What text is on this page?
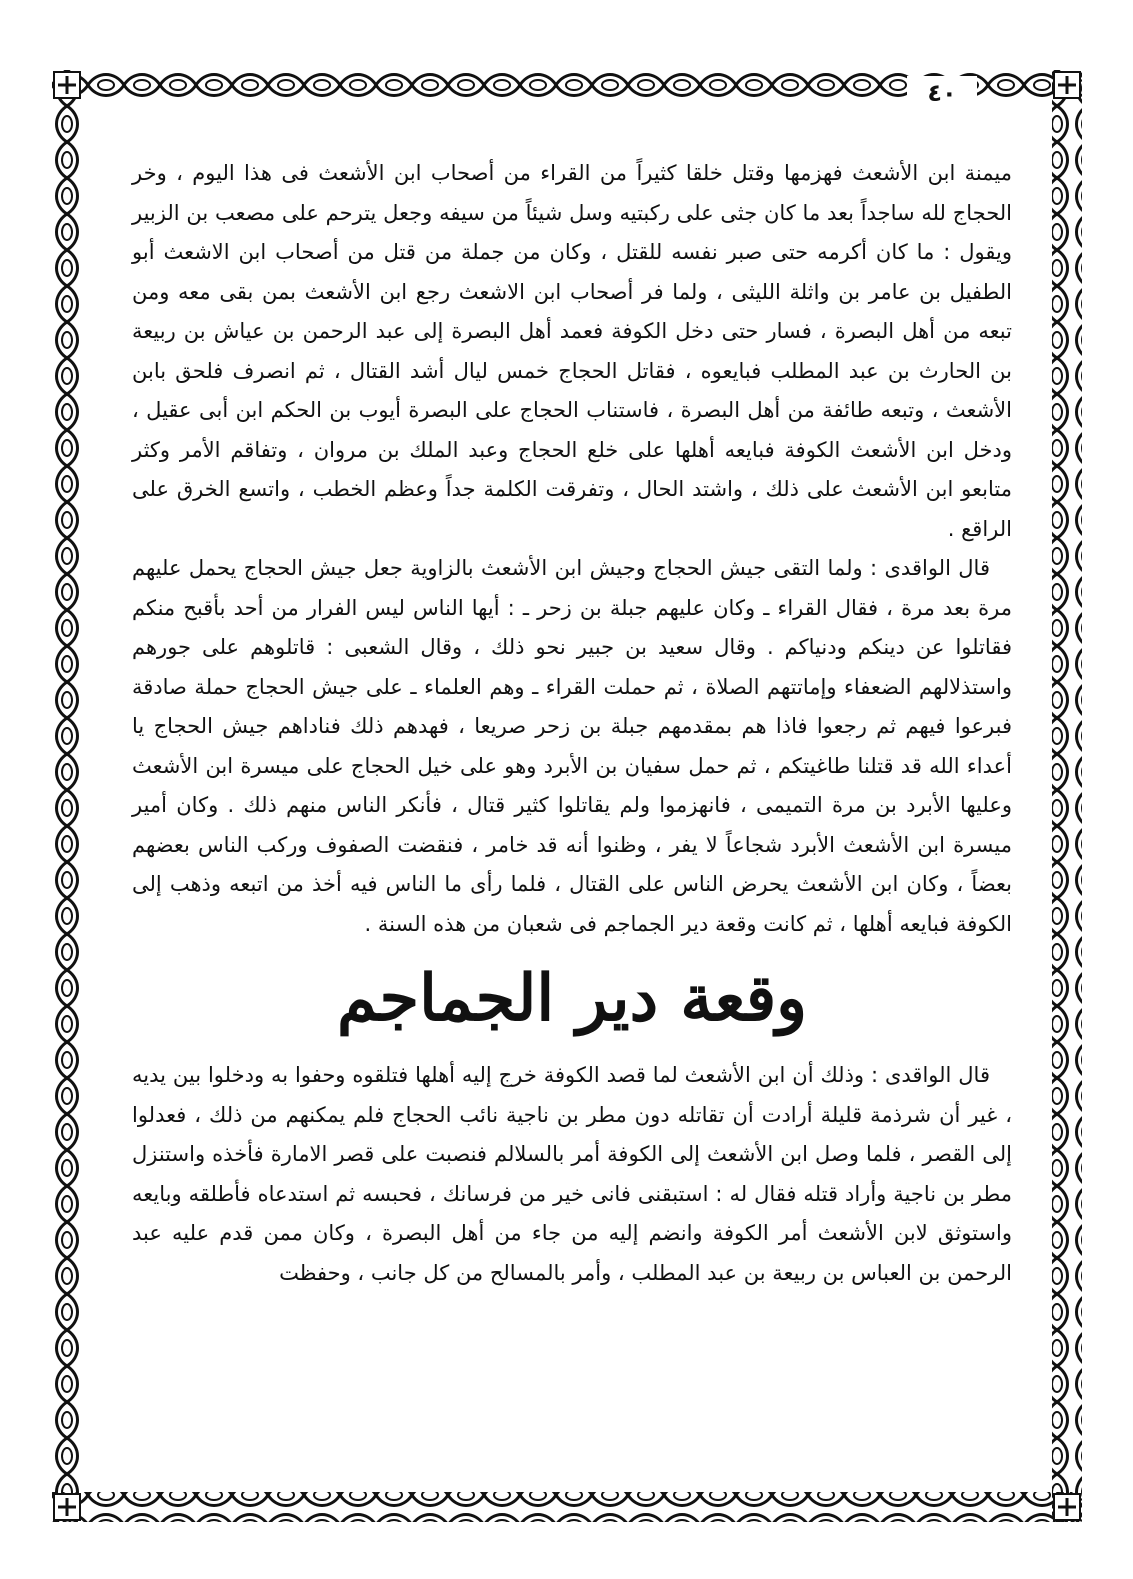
٤٠

ميمنة ابن الأشعث فهزمها وقتل خلقا كثيراً من القراء من أصحاب ابن الأشعث فى هذا اليوم ، وخر الحجاج لله ساجداً بعد ما كان جثى على ركبتيه وسل شيئاً من سيفه وجعل يترحم على مصعب بن الزبير ويقول : ما كان أكرمه حتى صبر نفسه للقتل ، وكان من جملة من قتل من أصحاب ابن الاشعث أبو الطفيل بن عامر بن واثلة الليثى ، ولما فر أصحاب ابن الاشعث رجع ابن الأشعث بمن بقى معه ومن تبعه من أهل البصرة ، فسار حتى دخل الكوفة فعمد أهل البصرة إلى عبد الرحمن بن عياش بن ربيعة بن الحارث بن عبد المطلب فبايعوه ، فقاتل الحجاج خمس ليال أشد القتال ، ثم انصرف فلحق بابن الأشعث ، وتبعه طائفة من أهل البصرة ، فاستناب الحجاج على البصرة أيوب بن الحكم ابن أبى عقيل ، ودخل ابن الأشعث الكوفة فبايعه أهلها على خلع الحجاج وعبد الملك بن مروان ، وتفاقم الأمر وكثر متابعو ابن الأشعث على ذلك ، واشتد الحال ، وتفرقت الكلمة جداً وعظم الخطب ، واتسع الخرق على الراقع .

قال الواقدى : ولما التقى جيش الحجاج وجيش ابن الأشعث بالزاوية جعل جيش الحجاج يحمل عليهم مرة بعد مرة ، فقال القراء ـ وكان عليهم جبلة بن زحر ـ : أيها الناس ليس الفرار من أحد بأقبح منكم فقاتلوا عن دينكم ودنياكم . وقال سعيد بن جبير نحو ذلك ، وقال الشعبى : قاتلوهم على جورهم واستذلالهم الضعفاء وإماتتهم الصلاة ، ثم حملت القراء ـ وهم العلماء ـ على جيش الحجاج حملة صادقة فبرعوا فيهم ثم رجعوا فاذا هم بمقدمهم جبلة بن زحر صريعا ، فهدهم ذلك فناداهم جيش الحجاج يا أعداء الله قد قتلنا طاغيتكم ، ثم حمل سفيان بن الأبرد وهو على خيل الحجاج على ميسرة ابن الأشعث وعليها الأبرد بن مرة التميمى ، فانهزموا ولم يقاتلوا كثير قتال ، فأنكر الناس منهم ذلك . وكان أمير ميسرة ابن الأشعث الأبرد شجاعاً لا يفر ، وظنوا أنه قد خامر ، فنقضت الصفوف وركب الناس بعضهم بعضاً ، وكان ابن الأشعث يحرض الناس على القتال ، فلما رأى ما الناس فيه أخذ من اتبعه وذهب إلى الكوفة فبايعه أهلها ، ثم كانت وقعة دير الجماجم فى شعبان من هذه السنة .

وقعة دير الجماجم

قال الواقدى : وذلك أن ابن الأشعث لما قصد الكوفة خرج إليه أهلها فتلقوه وحفوا به ودخلوا بين يديه ، غير أن شرذمة قليلة أرادت أن تقاتله دون مطر بن ناجية نائب الحجاج فلم يمكنهم من ذلك ، فعدلوا إلى القصر ، فلما وصل ابن الأشعث إلى الكوفة أمر بالسلالم فنصبت على قصر الامارة فأخذه واستنزل مطر بن ناجية وأراد قتله فقال له : استبقنى فانى خير من فرسانك ، فحبسه ثم استدعاه فأطلقه وبايعه واستوثق لابن الأشعث أمر الكوفة وانضم إليه من جاء من أهل البصرة ، وكان ممن قدم عليه عبد الرحمن بن العباس بن ربيعة بن عبد المطلب ، وأمر بالمسالح من كل جانب ، وحفظت
